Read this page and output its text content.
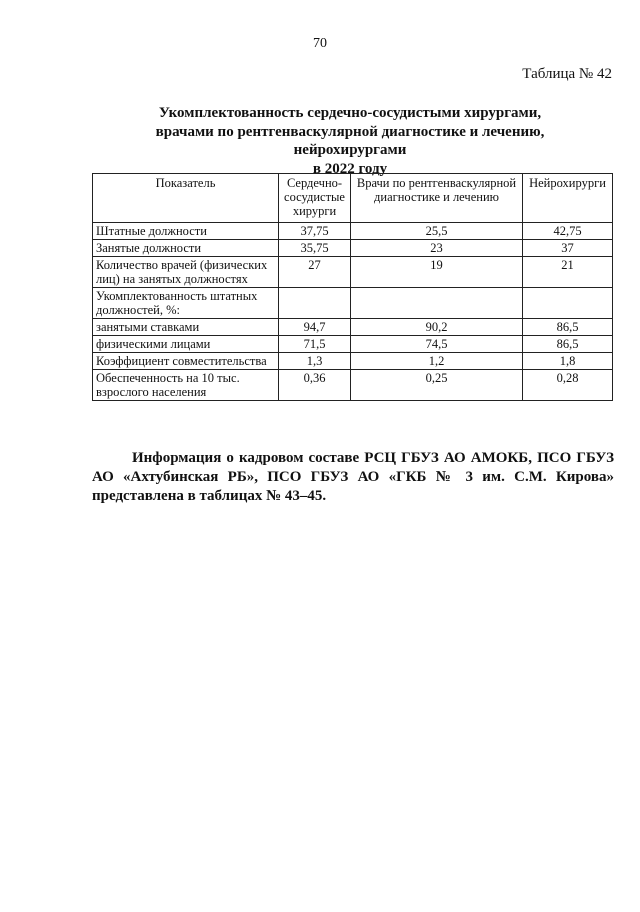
70
Таблица № 42
Укомплектованность сердечно-сосудистыми хирургами,
врачами по рентгенваскулярной диагностике и лечению, нейрохирургами
в 2022 году
Показатель	Сердечно-сосудистые хирурги	Врачи по рентгенваскулярной диагностике и лечению	Нейрохирурги
Штатные должности	37,75	25,5	42,75
Занятые должности	35,75	23	37
Количество врачей (физических лиц) на занятых должностях	27	19	21
Укомплектованность штатных должностей, %:			
занятыми ставками	94,7	90,2	86,5
физическими лицами	71,5	74,5	86,5
Коэффициент совместительства	1,3	1,2	1,8
Обеспеченность на 10 тыс. взрослого населения	0,36	0,25	0,28

Информация о кадровом составе РСЦ ГБУЗ АО АМОКБ, ПСО ГБУЗ АО «Ахтубинская РБ», ПСО ГБУЗ АО «ГКБ № 3 им. С.М. Кирова» представлена в таблицах № 43–45.
